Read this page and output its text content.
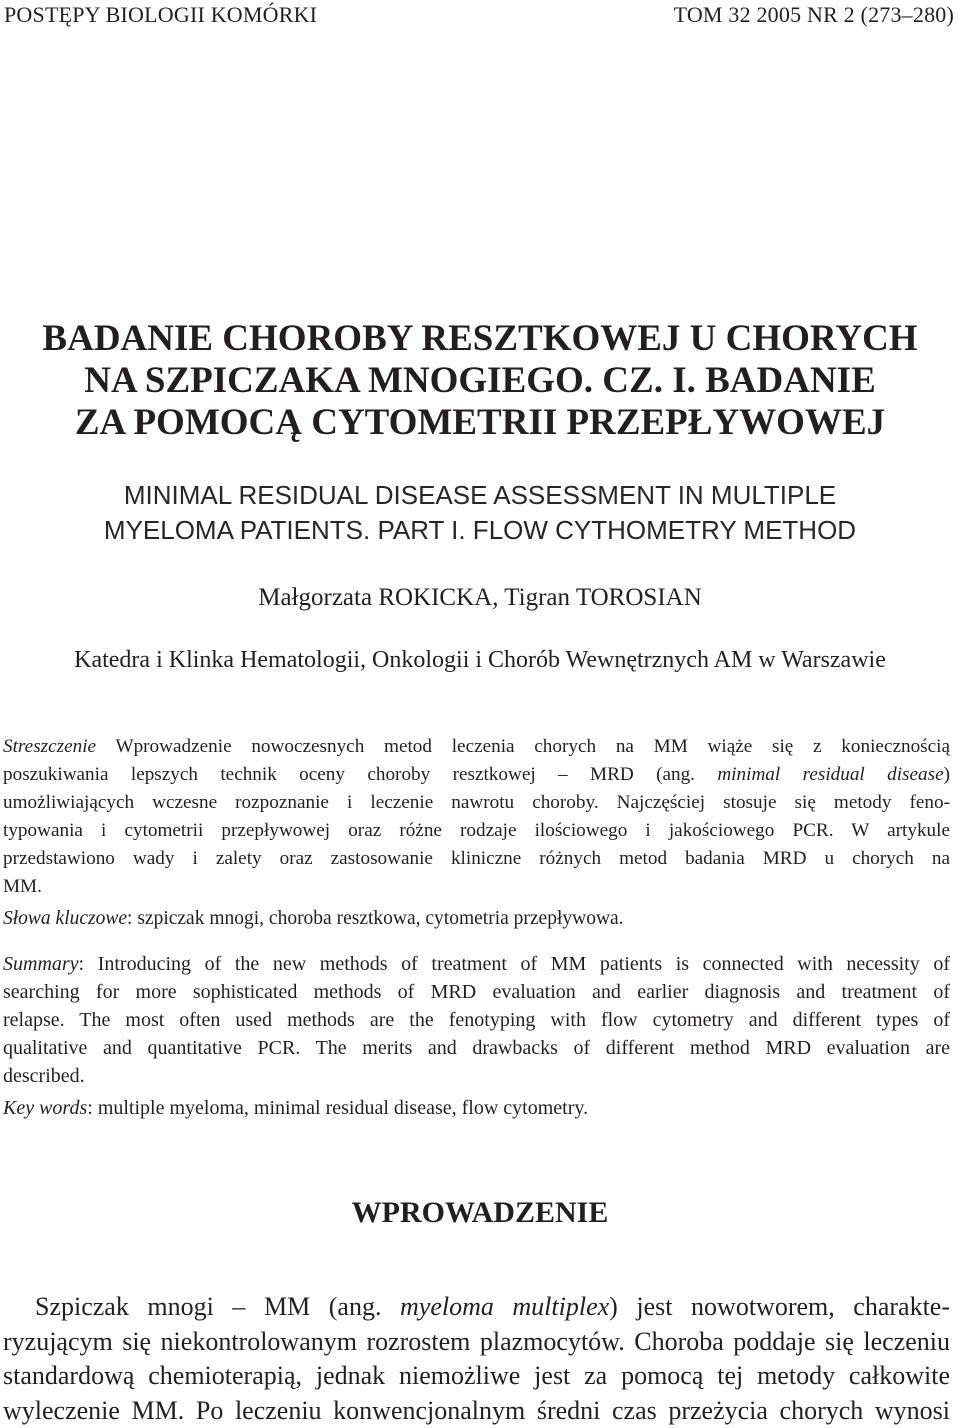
POSTĘPY BIOLOGII KOMÓRKI	TOM 32 2005 NR 2 (273–280)
BADANIE CHOROBY RESZTKOWEJ U CHORYCH
NA SZPICZAKA MNOGIEGO. CZ. I. BADANIE
ZA POMOCĄ CYTOMETRII PRZEPŁYWOWEJ
MINIMAL RESIDUAL DISEASE ASSESSMENT IN MULTIPLE
MYELOMA PATIENTS. PART I. FLOW CYTHOMETRY METHOD
Małgorzata ROKICKA, Tigran TOROSIAN
Katedra i Klinka Hematologii, Onkologii i Chorób Wewnętrznych AM w Warszawie
Streszczenie Wprowadzenie nowoczesnych metod leczenia chorych na MM wiąże się z koniecznością
poszukiwania lepszych technik oceny choroby resztkowej – MRD (ang. minimal residual disease)
umożliwiających wczesne rozpoznanie i leczenie nawrotu choroby. Najczęściej stosuje się metody feno-
typowania i cytometrii przepływowej oraz różne rodzaje ilościowego i jakościowego PCR. W artykule
przedstawiono wady i zalety oraz zastosowanie kliniczne różnych metod badania MRD u chorych na
MM.
Słowa kluczowe: szpiczak mnogi, choroba resztkowa, cytometria przepływowa.
Summary: Introducing of the new methods of treatment of MM patients is connected with necessity of
searching for more sophisticated methods of MRD evaluation and earlier diagnosis and treatment of
relapse. The most often used methods are the fenotyping with flow cytometry and different types of
qualitative and quantitative PCR. The merits and drawbacks of different method MRD evaluation are
described.
Key words: multiple myeloma, minimal residual disease, flow cytometry.
WPROWADZENIE
Szpiczak mnogi – MM (ang. myeloma multiplex) jest nowotworem, charakte-
ryzującym się niekontrolowanym rozrostem plazmocytów. Choroba poddaje się leczeniu
standardową chemioterapią, jednak niemożliwe jest za pomocą tej metody całkowite
wyleczenie MM. Po leczeniu konwencjonalnym średni czas przeżycia chorych wynosi
